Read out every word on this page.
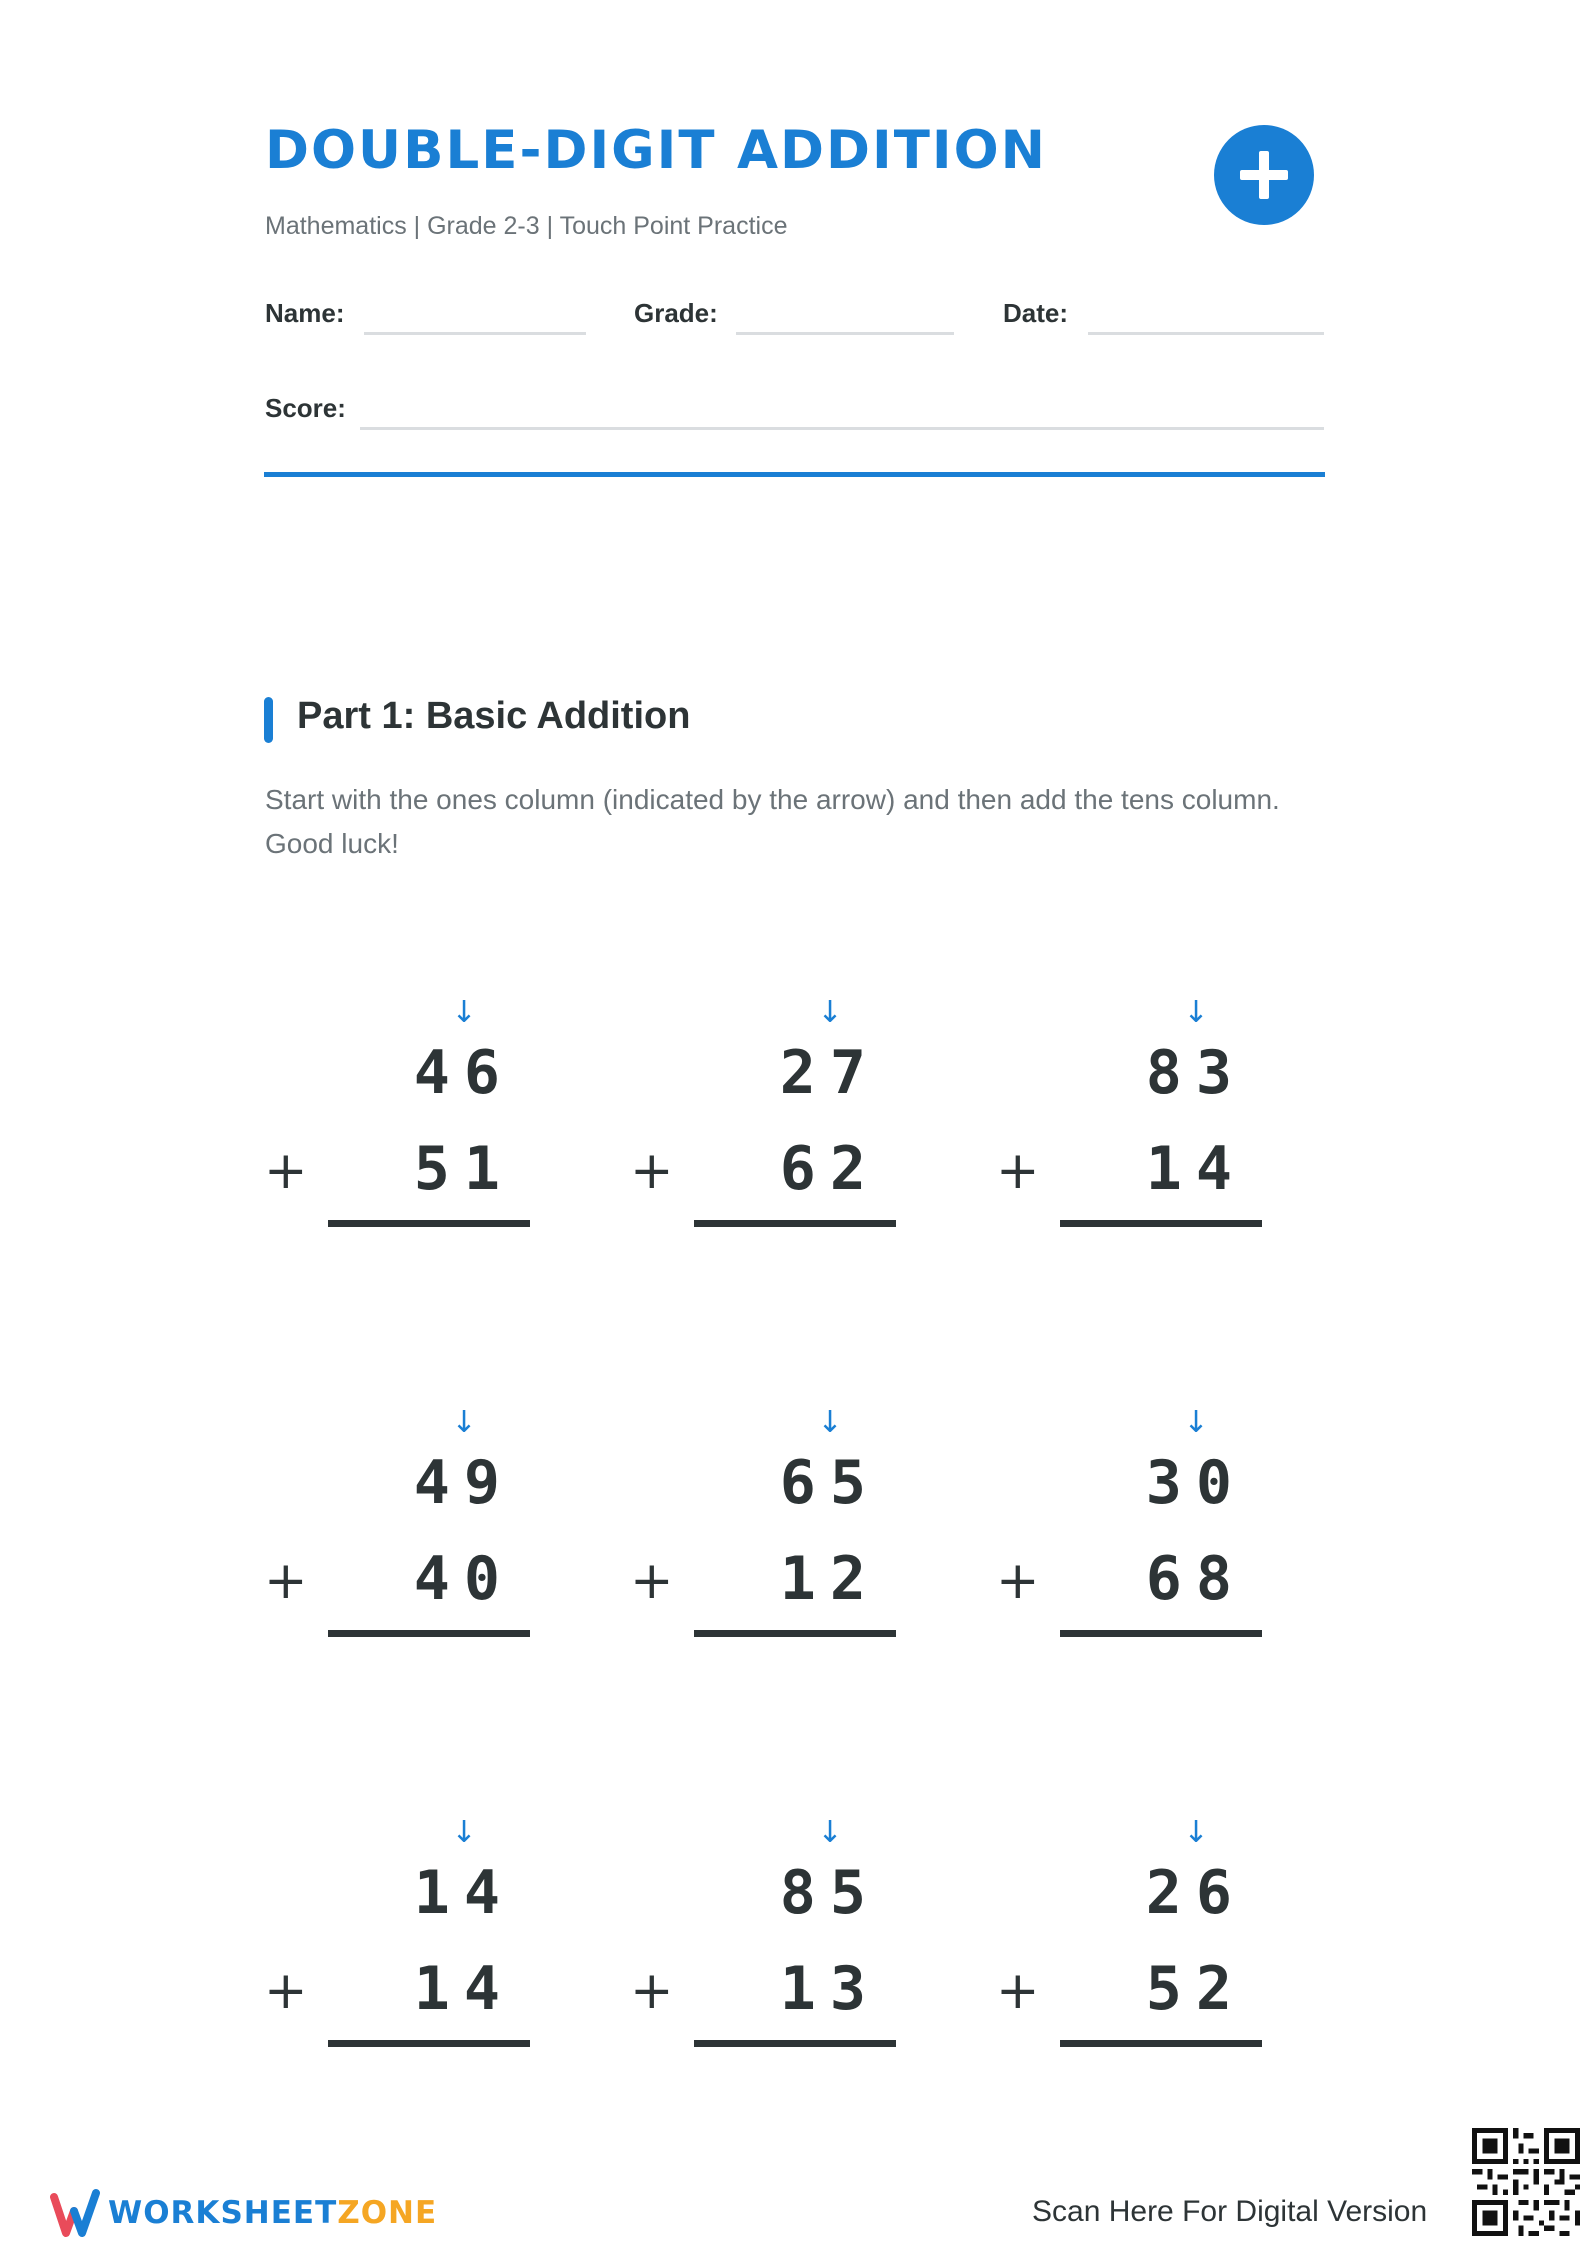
DOUBLE-DIGIT ADDITION
Mathematics | Grade 2-3 | Touch Point Practice
Name:	Grade:	Date:
Score:
Part 1: Basic Addition
Start with the ones column (indicated by the arrow) and then add the tens column. Good luck!
↓
46
+ 51
↓
27
+ 62
↓
83
+ 14
↓
49
+ 40
↓
65
+ 12
↓
30
+ 68
↓
14
+ 14
↓
85
+ 13
↓
26
+ 52
WORKSHEETZONE	Scan Here For Digital Version
